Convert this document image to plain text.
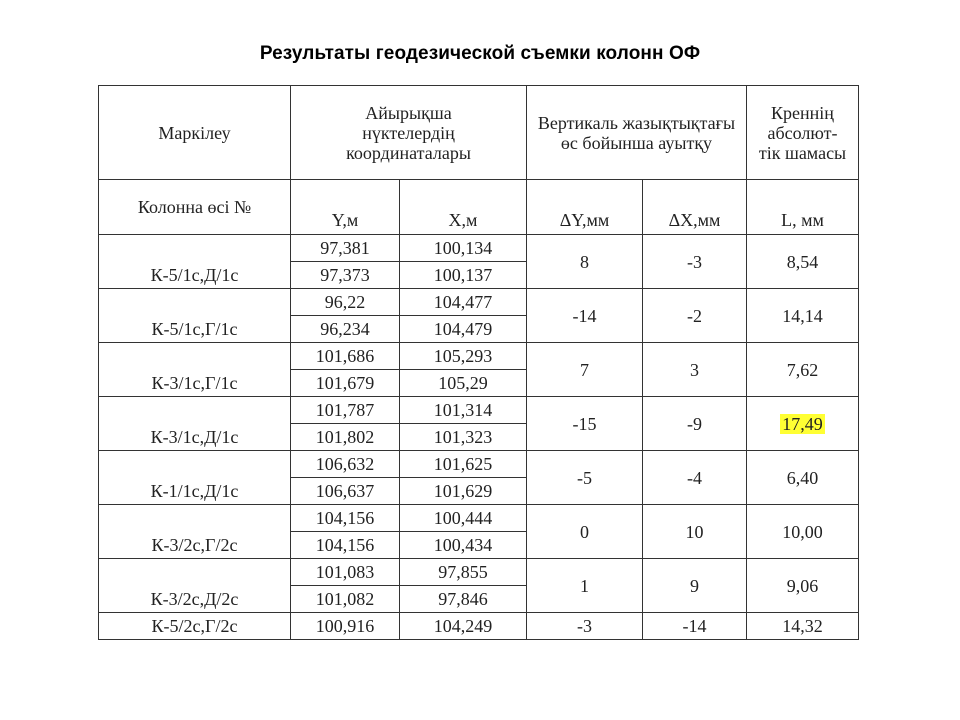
Результаты геодезической съемки колонн ОФ
Маркілеу	Айырықша нүктелердің координаталары		Вертикаль жазықтықтағы өс бойынша ауытқу		Креннің абсолют-тік шамасы
Колонна өсі №	Y,м	X,м	ΔY,мм	ΔX,мм	L, мм
К-5/1с,Д/1с	97,381	100,134	8	-3	8,54
	97,373	100,137			
К-5/1с,Г/1с	96,22	104,477	-14	-2	14,14
	96,234	104,479			
К-3/1с,Г/1с	101,686	105,293	7	3	7,62
	101,679	105,29			
К-3/1с,Д/1с	101,787	101,314	-15	-9	17,49
	101,802	101,323			
К-1/1с,Д/1с	106,632	101,625	-5	-4	6,40
	106,637	101,629			
К-3/2с,Г/2с	104,156	100,444	0	10	10,00
	104,156	100,434			
К-3/2с,Д/2с	101,083	97,855	1	9	9,06
	101,082	97,846			
К-5/2с,Г/2с	100,916	104,249	-3	-14	14,32
